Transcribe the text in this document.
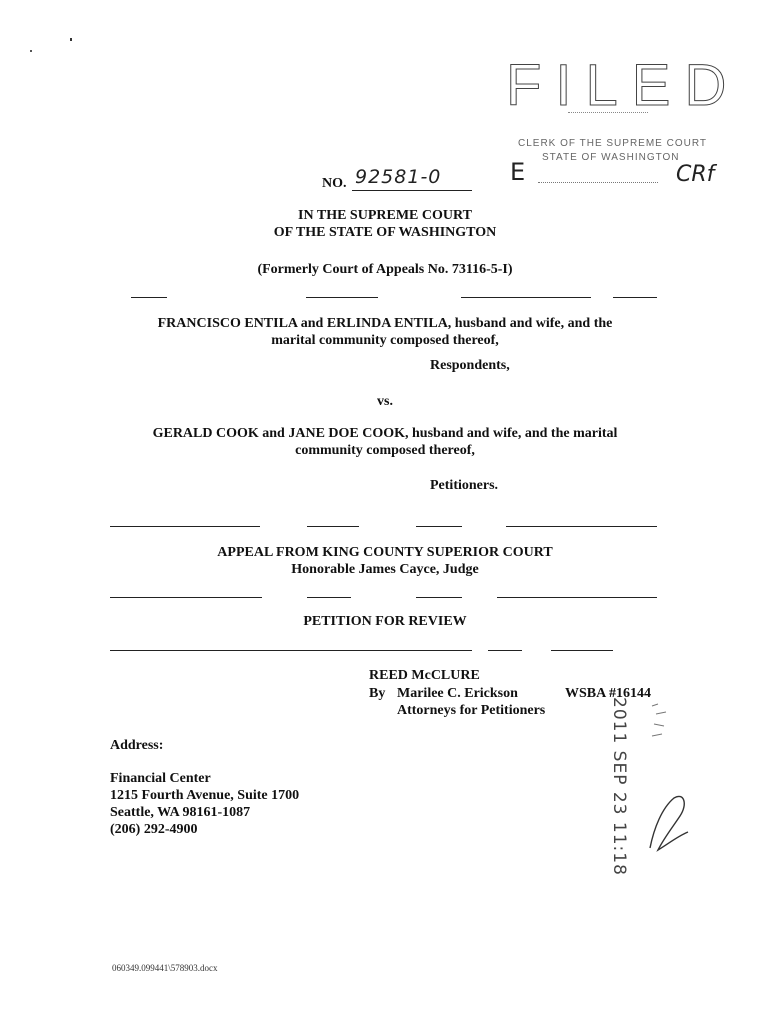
FILED
CLERK OF THE SUPREME COURT
STATE OF WASHINGTON
E	CRf
NO. 92581-0
IN THE SUPREME COURT
OF THE STATE OF WASHINGTON
(Formerly Court of Appeals No. 73116-5-I)
FRANCISCO ENTILA and ERLINDA ENTILA, husband and wife, and the
marital community composed thereof,
Respondents,
vs.
GERALD COOK and JANE DOE COOK, husband and wife, and the marital
community composed thereof,
Petitioners.
APPEAL FROM KING COUNTY SUPERIOR COURT
Honorable James Cayce, Judge
PETITION FOR REVIEW
REED McCLURE
By Marilee C. Erickson	WSBA #16144
Attorneys for Petitioners
Address:
Financial Center
1215 Fourth Avenue, Suite 1700
Seattle, WA 98161-1087
(206) 292-4900	2011 SEP 23 11:18
060349.099441\578903.docx
